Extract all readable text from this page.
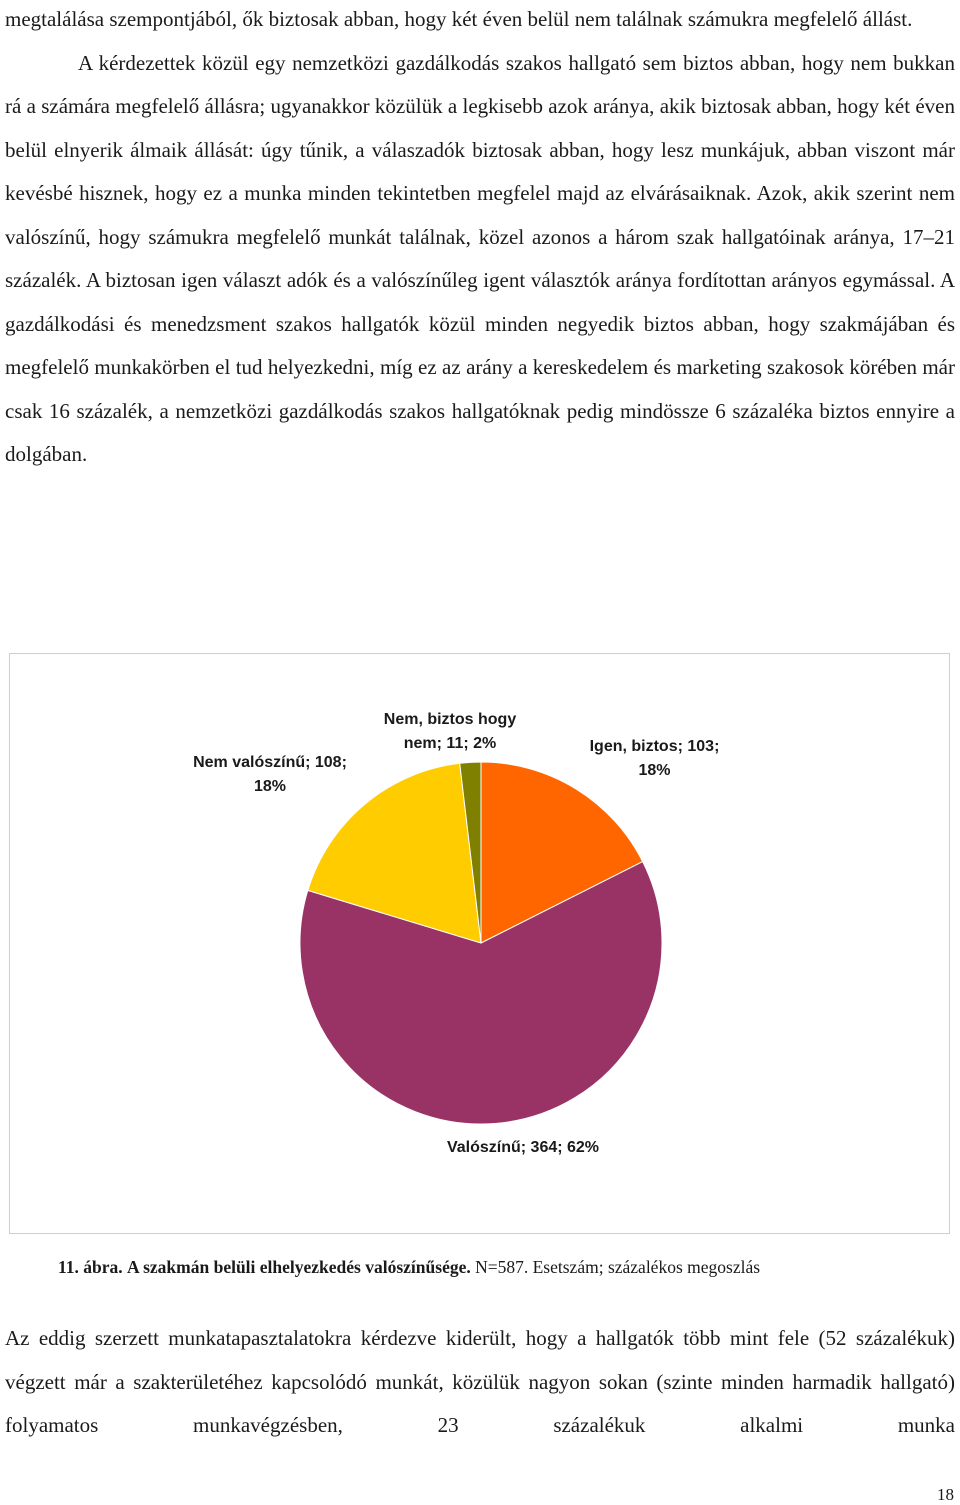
megtalálása szempontjából, ők biztosak abban, hogy két éven belül nem találnak számukra megfelelő állást.
A kérdezettek közül egy nemzetközi gazdálkodás szakos hallgató sem biztos abban, hogy nem bukkan rá a számára megfelelő állásra; ugyanakkor közülük a legkisebb azok aránya, akik biztosak abban, hogy két éven belül elnyerik álmaik állását: úgy tűnik, a válaszadók biztosak abban, hogy lesz munkájuk, abban viszont már kevésbé hisznek, hogy ez a munka minden tekintetben megfelel majd az elvárásaiknak. Azok, akik szerint nem valószínű, hogy számukra megfelelő munkát találnak, közel azonos a három szak hallgatóinak aránya, 17–21 százalék. A biztosan igen választ adók és a valószínűleg igent választók aránya fordítottan arányos egymással. A gazdálkodási és menedzsment szakos hallgatók közül minden negyedik biztos abban, hogy szakmájában és megfelelő munkakörben el tud helyezkedni, míg ez az arány a kereskedelem és marketing szakosok körében már csak 16 százalék, a nemzetközi gazdálkodás szakos hallgatóknak pedig mindössze 6 százaléka biztos ennyire a dolgában.

Igen, biztos; 103;
18%
Valószínű; 364; 62%
Nem valószínű; 108;
18%
Nem, biztos hogy
nem; 11; 2%
11. ábra. A szakmán belüli elhelyezkedés valószínűsége. N=587. Esetszám; százalékos megoszlás

Az eddig szerzett munkatapasztalatokra kérdezve kiderült, hogy a hallgatók több mint fele (52 százalékuk) végzett már a szakterületéhez kapcsolódó munkát, közülük nagyon sokan (szinte minden harmadik hallgató) folyamatos munkavégzésben, 23 százalékuk alkalmi munka

18
